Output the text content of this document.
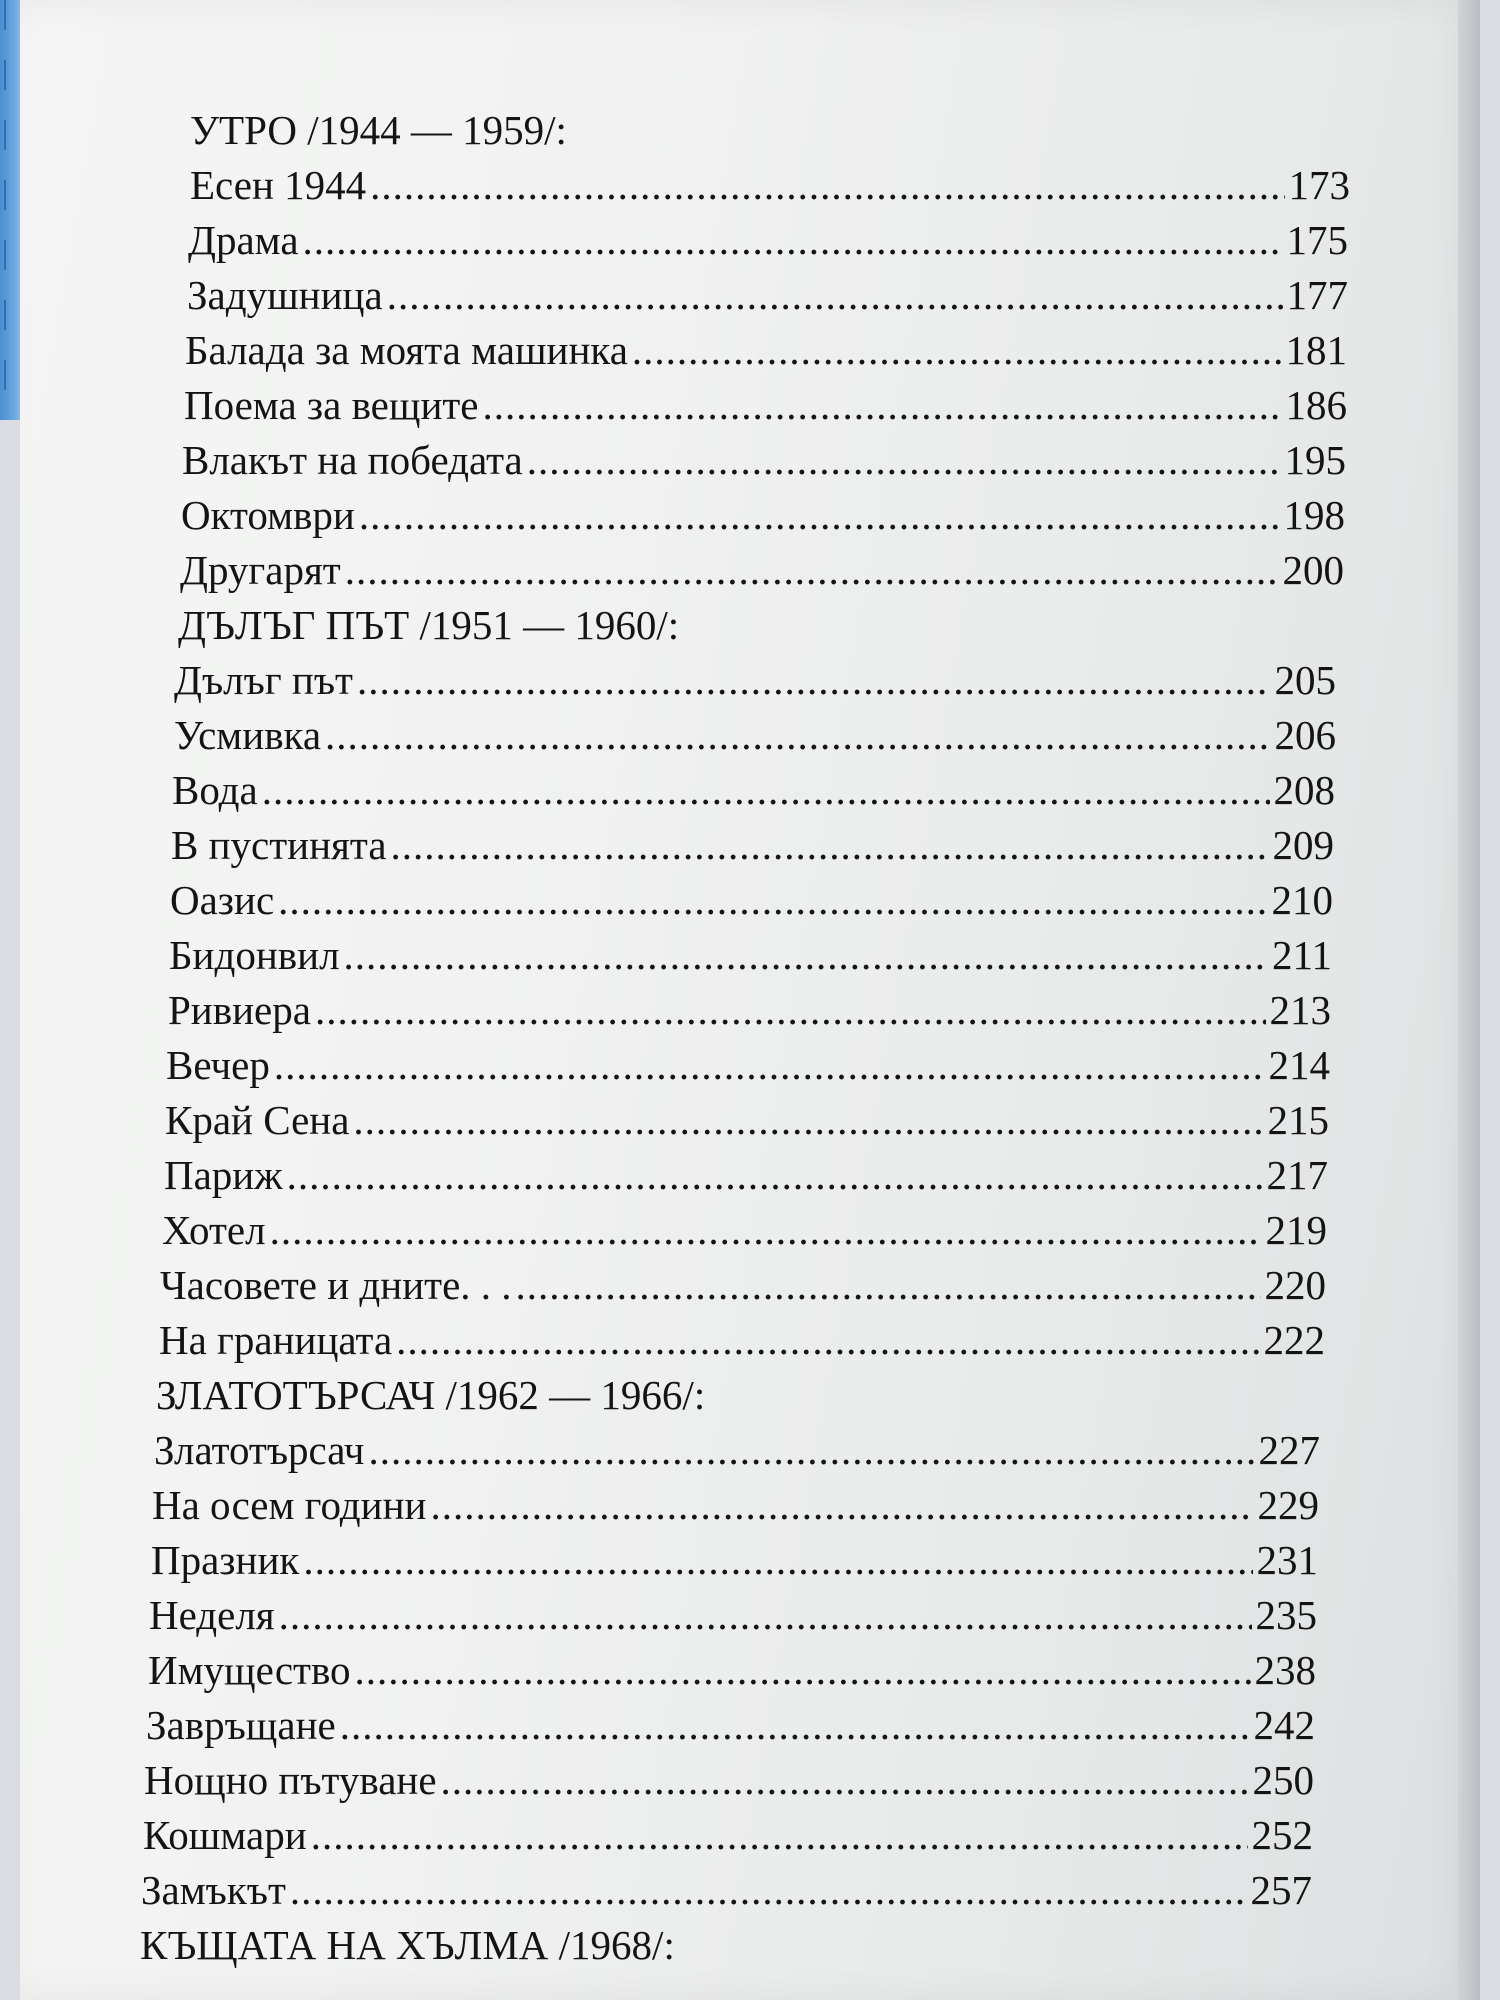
УТРО /1944 — 1959/:
Есен 1944 .....	173
Драма .....	175
Задушница .....	177
Балада за моята машинка .....	181
Поема за вещите .....	186
Влакът на победата .....	195
Октомври .....	198
Другарят .....	200
ДЪЛЪГ ПЪТ /1951 — 1960/:
Дълъг път .....	205
Усмивка .....	206
Вода .....	208
В пустинята .....	209
Оазис .....	210
Бидонвил .....	211
Ривиера .....	213
Вечер .....	214
Край Сена .....	215
Париж .....	217
Хотел .....	219
Часовете и дните. . . .....	220
На границата .....	222
ЗЛАТОТЪРСАЧ /1962 — 1966/:
Златотърсач .....	227
На осем години .....	229
Празник .....	231
Неделя .....	235
Имущество .....	238
Завръщане .....	242
Нощно пътуване .....	250
Кошмари .....	252
Замъкът .....	257
КЪЩАТА НА ХЪЛМА /1968/:
